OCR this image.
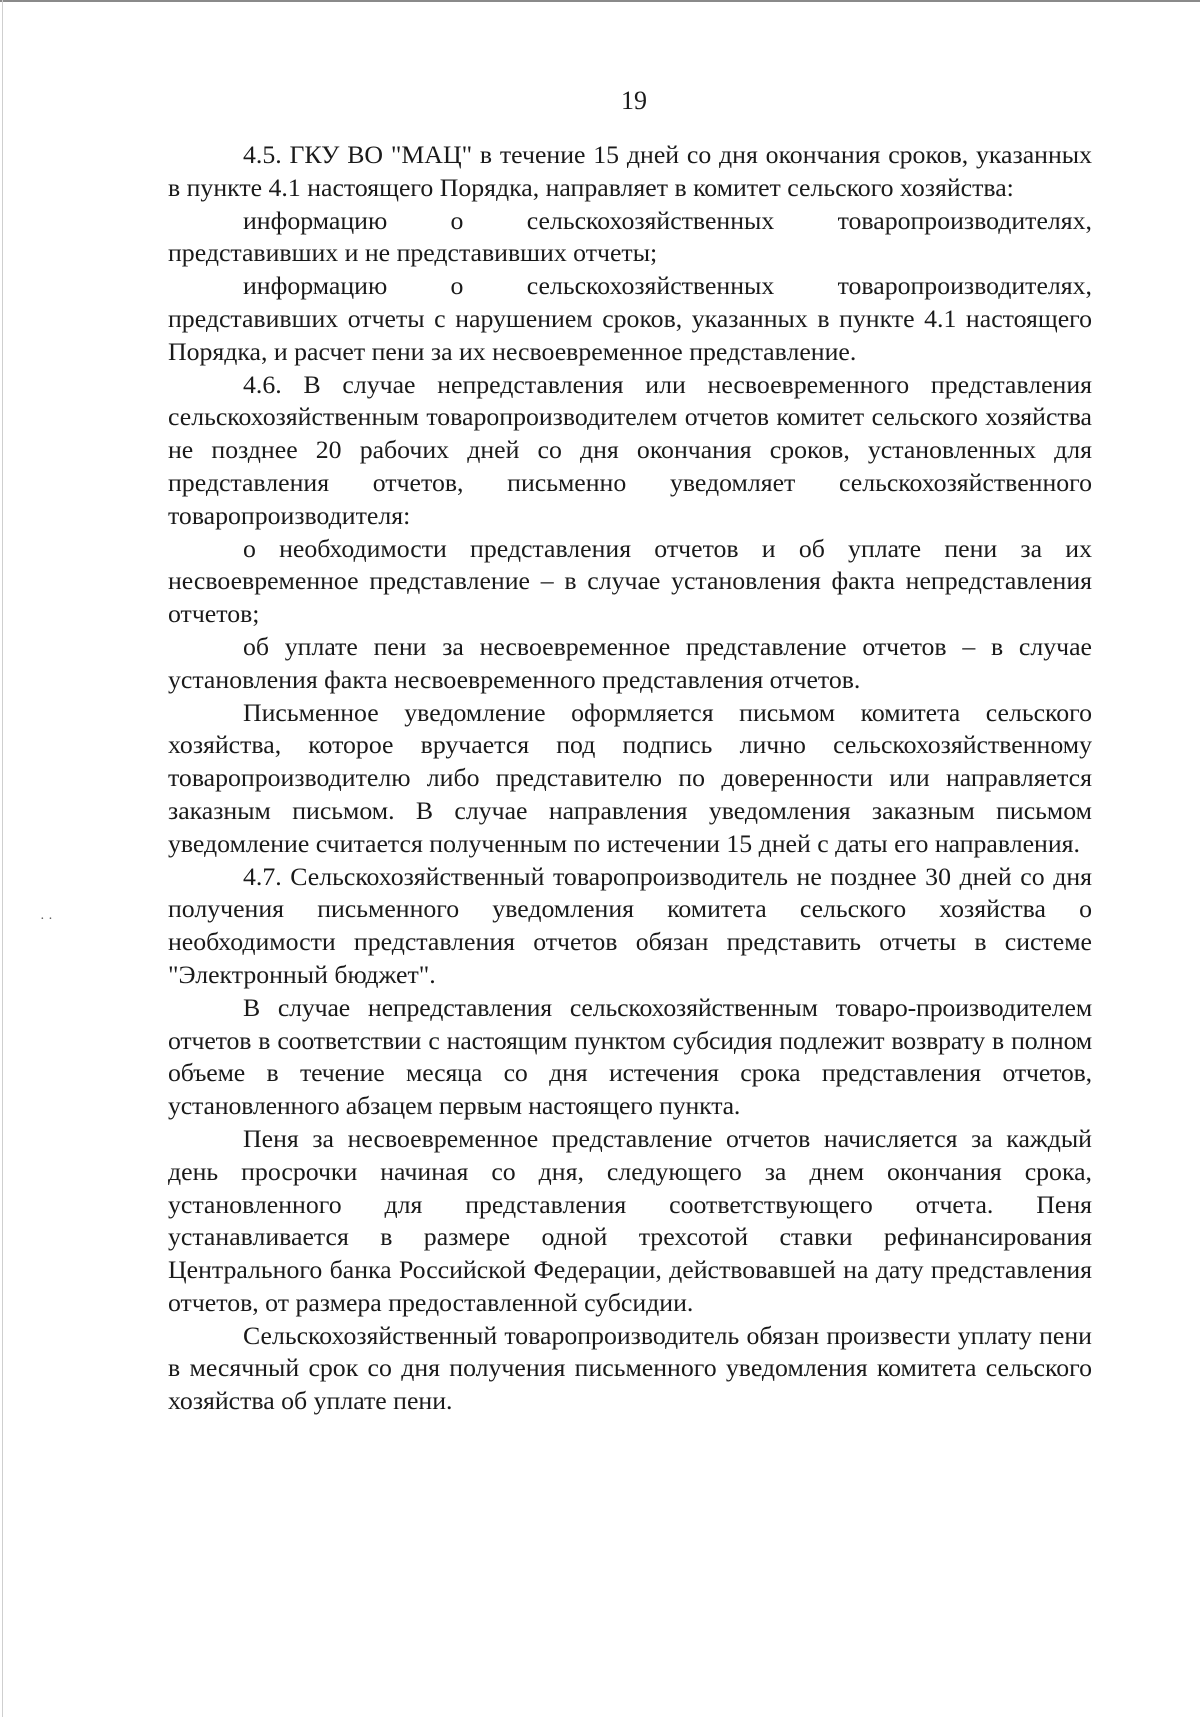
19
· ·

4.5. ГКУ ВО "МАЦ" в течение 15 дней со дня окончания сроков, указанных в пункте 4.1 настоящего Порядка, направляет в комитет сельского хозяйства:

информацию о сельскохозяйственных товаропроизводителях, представивших и не представивших отчеты;

информацию о сельскохозяйственных товаропроизводителях, представивших отчеты с нарушением сроков, указанных в пункте 4.1 настоящего Порядка, и расчет пени за их несвоевременное представление.

4.6. В случае непредставления или несвоевременного представления сельскохозяйственным товаропроизводителем отчетов комитет сельского хозяйства не позднее 20 рабочих дней со дня окончания сроков, установленных для представления отчетов, письменно уведомляет сельскохозяйственного товаропроизводителя:

о необходимости представления отчетов и об уплате пени за их несвоевременное представление – в случае установления факта непредставления отчетов;

об уплате пени за несвоевременное представление отчетов – в случае установления факта несвоевременного представления отчетов.

Письменное уведомление оформляется письмом комитета сельского хозяйства, которое вручается под подпись лично сельскохозяйственному товаропроизводителю либо представителю по доверенности или направляется заказным письмом. В случае направления уведомления заказным письмом уведомление считается полученным по истечении 15 дней с даты его направления.

4.7. Сельскохозяйственный товаропроизводитель не позднее 30 дней со дня получения письменного уведомления комитета сельского хозяйства о необходимости представления отчетов обязан представить отчеты в системе "Электронный бюджет".

В случае непредставления сельскохозяйственным товаро-производителем отчетов в соответствии с настоящим пунктом субсидия подлежит возврату в полном объеме в течение месяца со дня истечения срока представления отчетов, установленного абзацем первым настоящего пункта.

Пеня за несвоевременное представление отчетов начисляется за каждый день просрочки начиная со дня, следующего за днем окончания срока, установленного для представления соответствующего отчета. Пеня устанавливается в размере одной трехсотой ставки рефинансирования Центрального банка Российской Федерации, действовавшей на дату представления отчетов, от размера предоставленной субсидии.

Сельскохозяйственный товаропроизводитель обязан произвести уплату пени в месячный срок со дня получения письменного уведомления комитета сельского хозяйства об уплате пени.
